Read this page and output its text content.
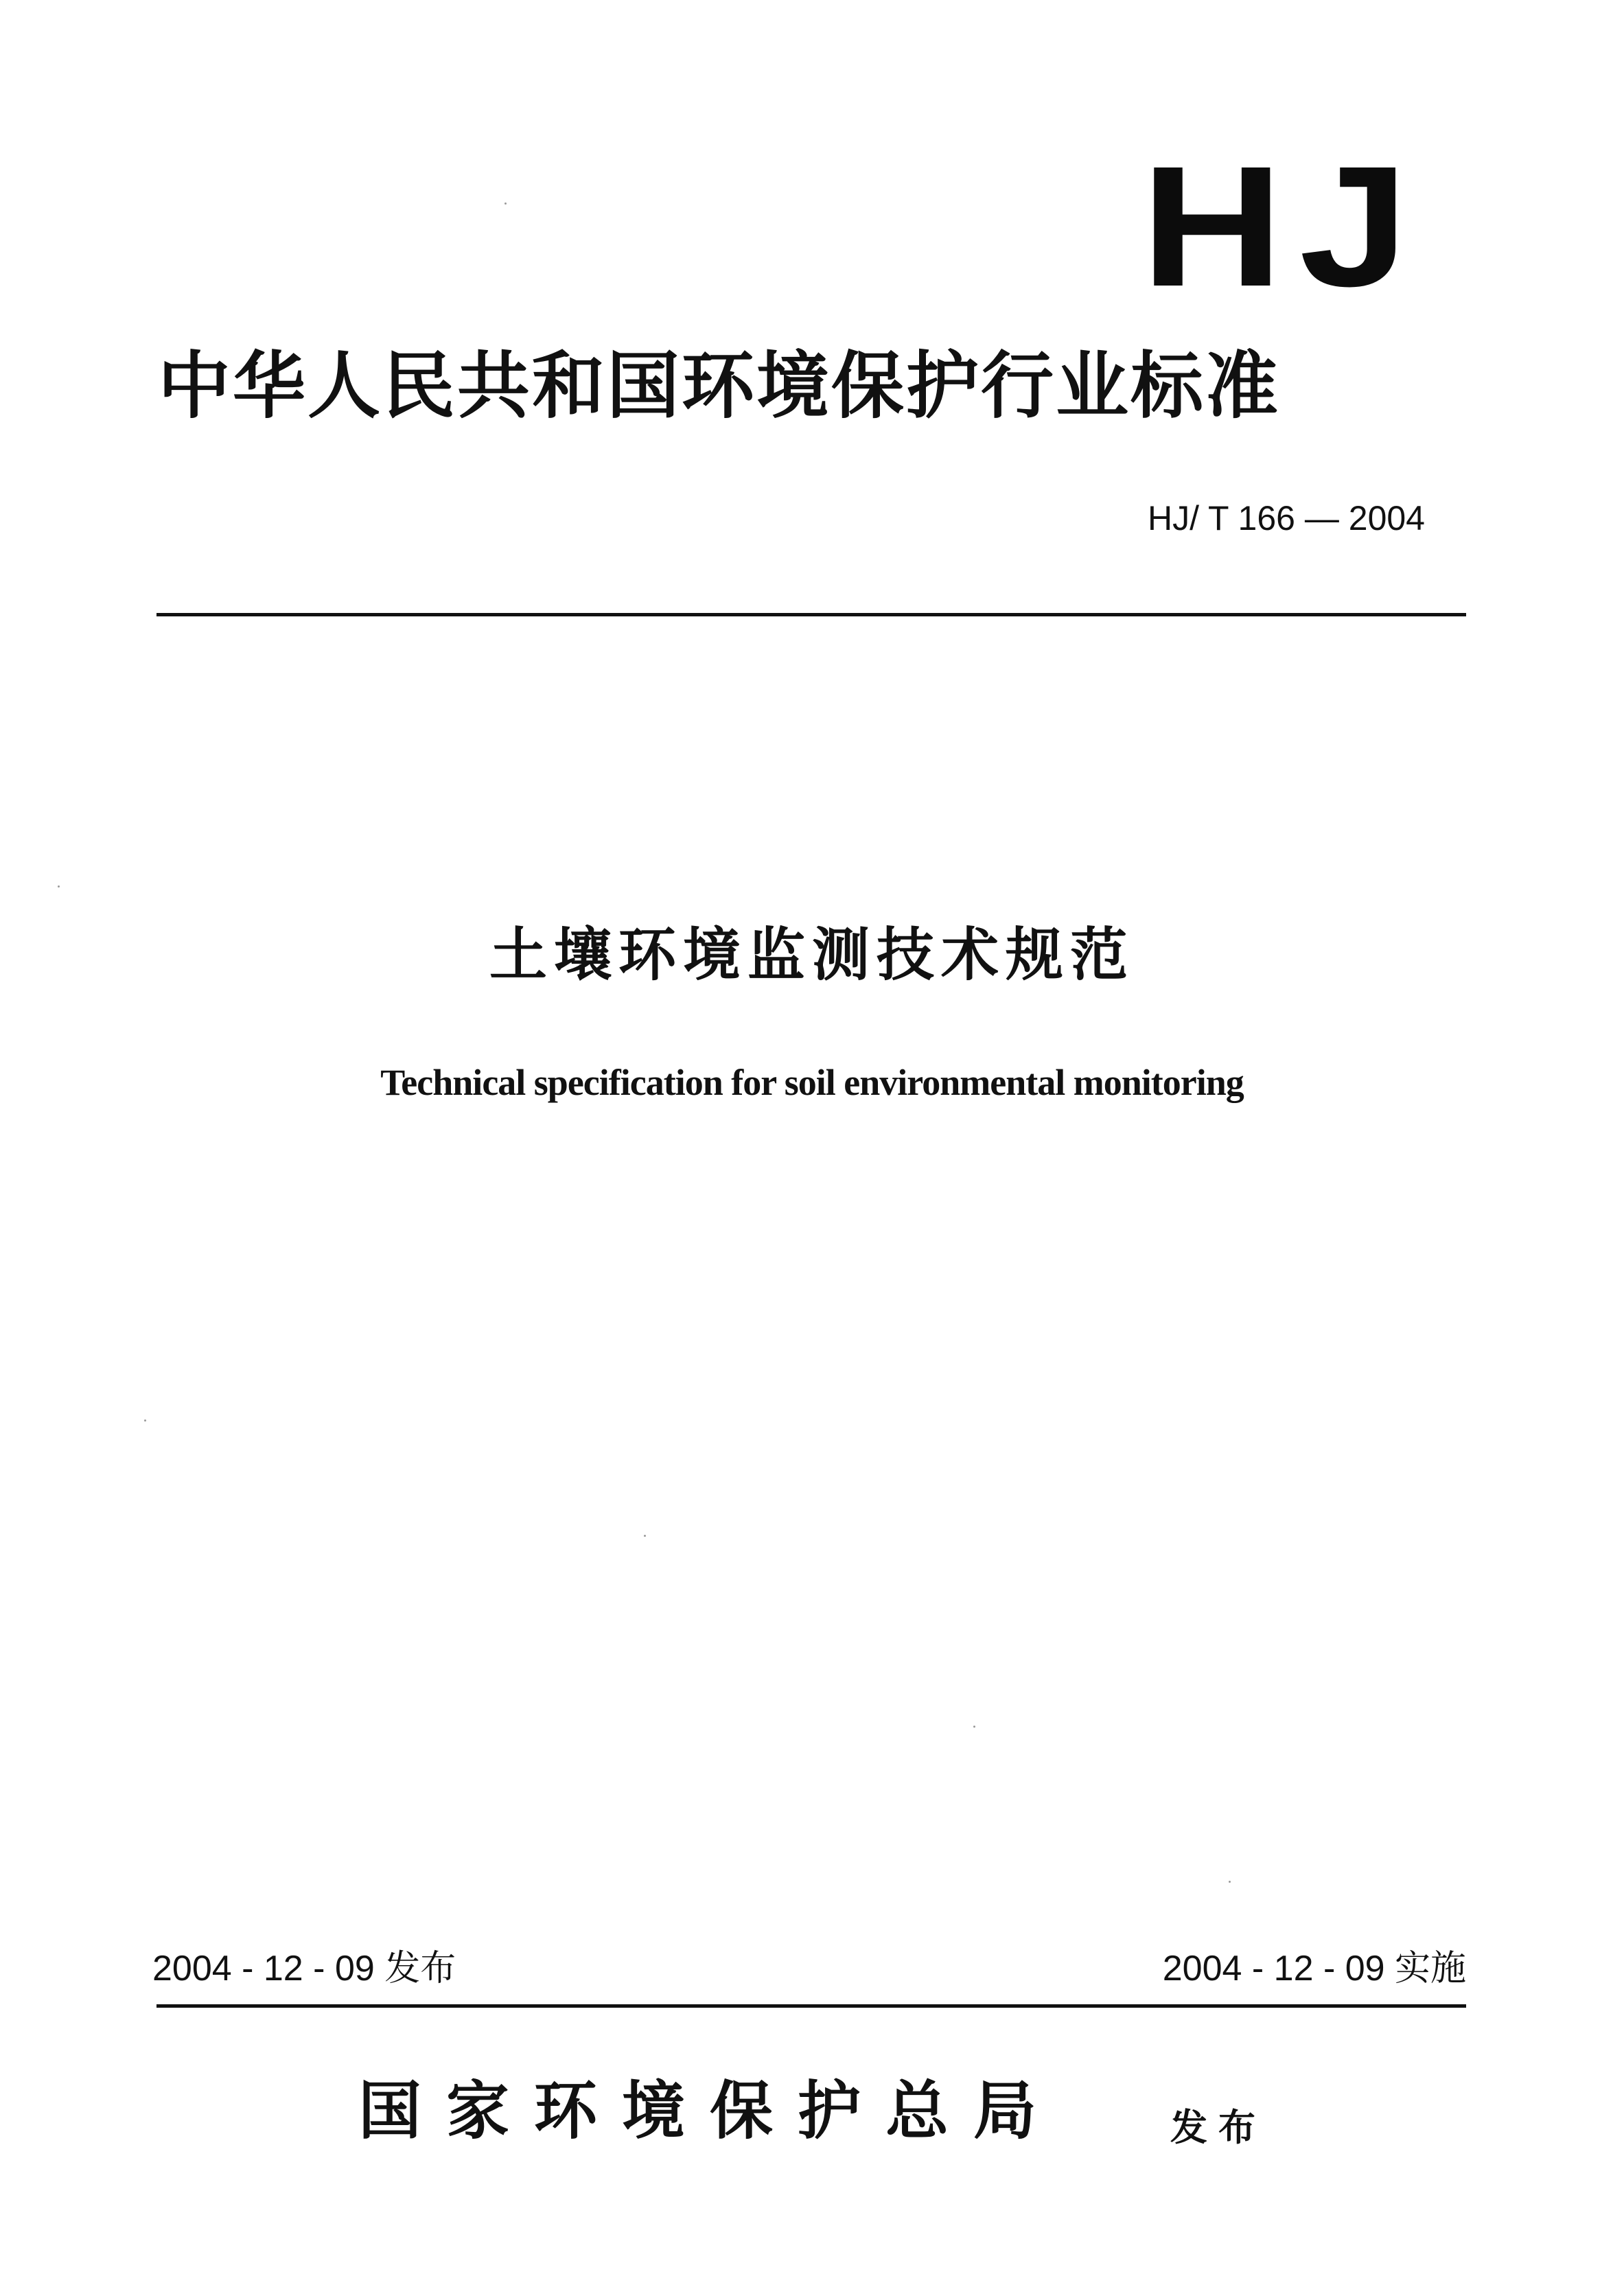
HJ
中华人民共和国环境保护行业标准
HJ/ T 166 — 2004
土壤环境监测技术规范
Technical specification for soil environmental monitoring
2004 - 12 - 09 发布	2004 - 12 - 09 实施
国家环境保护总局	发布
